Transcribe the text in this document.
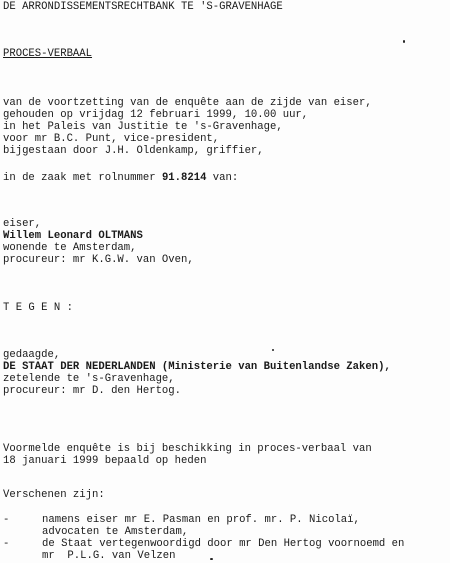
DE ARRONDISSEMENTSRECHTBANK TE 'S-GRAVENHAGE
PROCES-VERBAAL
van de voortzetting van de enquête aan de zijde van eiser,
gehouden op vrijdag 12 februari 1999, 10.00 uur,
in het Paleis van Justitie te 's-Gravenhage,
voor mr B.C. Punt, vice-president,
bijgestaan door J.H. Oldenkamp, griffier,
in de zaak met rolnummer 91.8214 van:
eiser,
Willem Leonard OLTMANS
wonende te Amsterdam,
procureur: mr K.G.W. van Oven,
T E G E N :
gedaagde,
DE STAAT DER NEDERLANDEN (Ministerie van Buitenlandse Zaken),
zetelende te 's-Gravenhage,
procureur: mr D. den Hertog.
Voormelde enquête is bij beschikking in proces-verbaal van
18 januari 1999 bepaald op heden
Verschenen zijn:
-	namens eiser mr E. Pasman en prof. mr. P. Nicolaï,
advocaten te Amsterdam,
-	de Staat vertegenwoordigd door mr Den Hertog voornoemd en
mr  P.L.G. van Velzen
